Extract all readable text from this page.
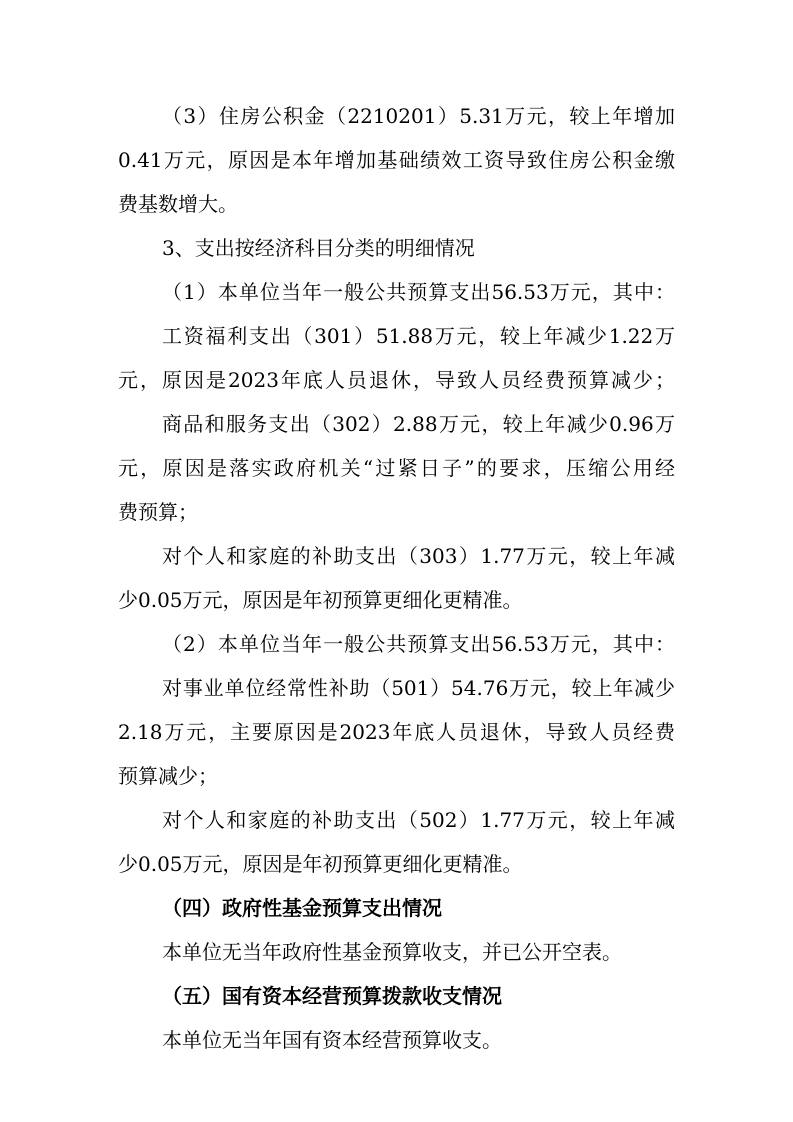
（3）住房公积金（2210201）5.31万元，较上年增加
0.41万元，原因是本年增加基础绩效工资导致住房公积金缴
费基数增大。
3、支出按经济科目分类的明细情况
（1）本单位当年一般公共预算支出56.53万元，其中：
工资福利支出（301）51.88万元，较上年减少1.22万
元，原因是2023年底人员退休，导致人员经费预算减少；
商品和服务支出（302）2.88万元，较上年减少0.96万
元，原因是落实政府机关“过紧日子”的要求，压缩公用经
费预算；
对个人和家庭的补助支出（303）1.77万元，较上年减
少0.05万元，原因是年初预算更细化更精准。
（2）本单位当年一般公共预算支出56.53万元，其中：
对事业单位经常性补助（501）54.76万元，较上年减少
2.18万元，主要原因是2023年底人员退休，导致人员经费
预算减少；
对个人和家庭的补助支出（502）1.77万元，较上年减
少0.05万元，原因是年初预算更细化更精准。
（四）政府性基金预算支出情况
本单位无当年政府性基金预算收支，并已公开空表。
（五）国有资本经营预算拨款收支情况
本单位无当年国有资本经营预算收支。
